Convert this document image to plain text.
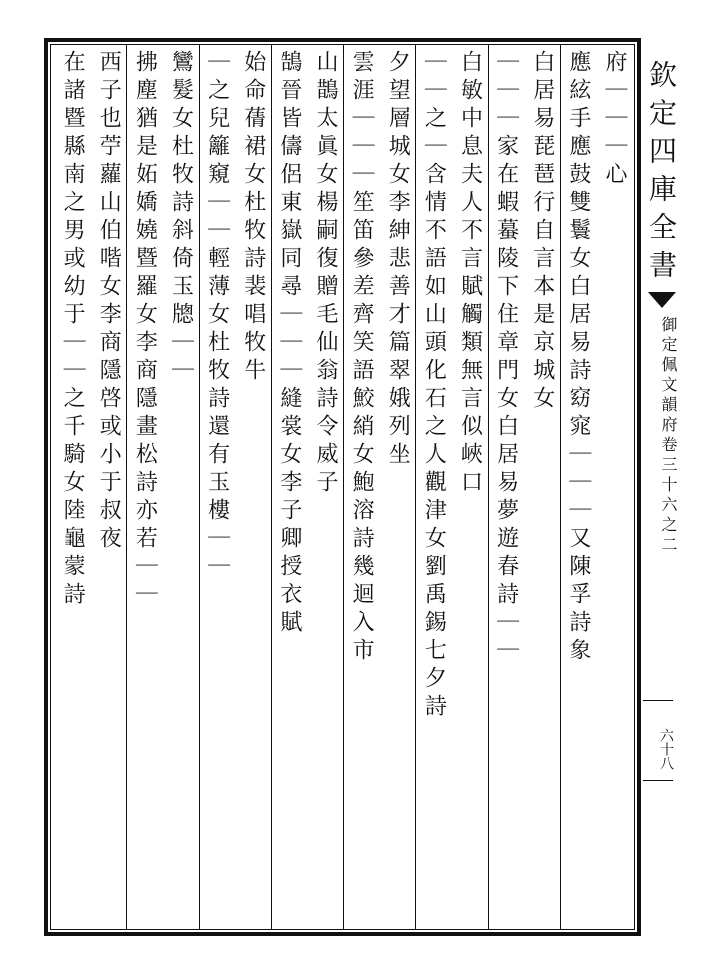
欽定四庫全書
御定佩文韻府卷三十六之二
六十八
府｜｜｜心
應絃手應鼓雙鬟女白居易詩窈窕｜｜｜又陳孚詩象
白居易琵琶行自言本是京城女
｜｜｜家在蝦蟇陵下住章門女白居易夢遊春詩｜｜
白敏中息夫人不言賦觸類無言似峽口
｜｜之｜含情不語如山頭化石之人觀津女劉禹錫七夕詩
夕望層城女李紳悲善才篇翠娥列坐
雲涯｜｜｜笙笛參差齊笑語鮫綃女鮑溶詩幾迴入市
山鵲太眞女楊嗣復贈毛仙翁詩令威子
鵠晉皆儔侶東嶽同尋｜｜｜縫裳女李子卿授衣賦
始命蒨裙女杜牧詩裴唱牧牛
｜之兒籬窺｜｜輕薄女杜牧詩還有玉樓｜｜
鸞髮女杜牧詩斜倚玉牕｜｜
拂塵猶是妬嬌嬈暨羅女李商隱畫松詩亦若｜｜
西子也苧蘿山伯喈女李商隱啓或小于叔夜
在諸暨縣南之男或幼于｜｜之千騎女陸龜蒙詩
